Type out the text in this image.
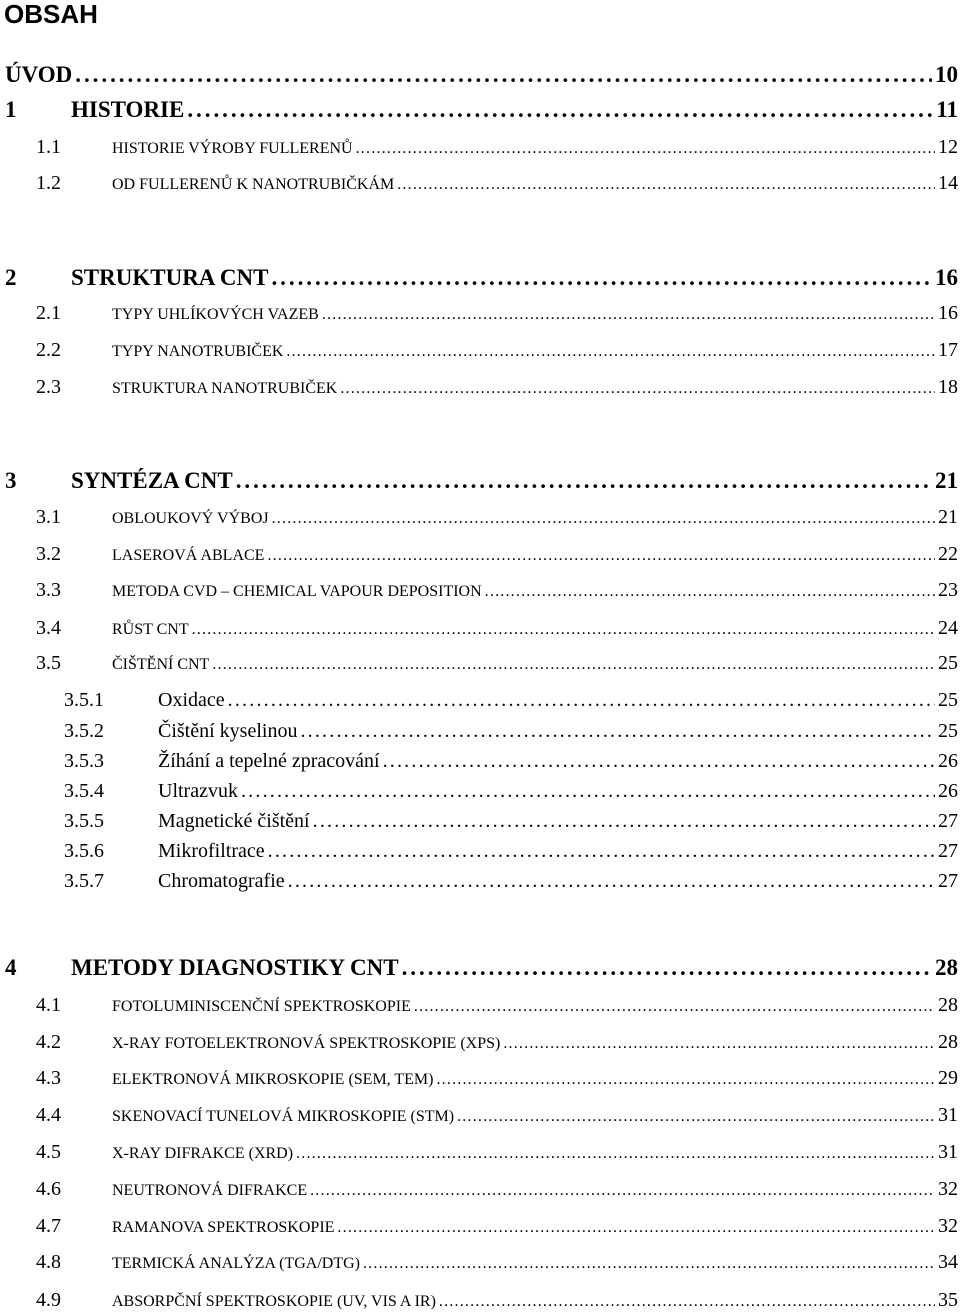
OBSAH
ÚVOD . . .	10
1	HISTORIE . . .	11
1.1	HISTORIE VÝROBY FULLERENŮ . . .	12
1.2	OD FULLERENŮ K NANOTRUBIČKÁM . . .	14
2	STRUKTURA CNT . . .	16
2.1	TYPY UHLÍKOVÝCH VAZEB . . .	16
2.2	TYPY NANOTRUBIČEK . . .	17
2.3	STRUKTURA NANOTRUBIČEK . . .	18
3	SYNTÉZA CNT . . .	21
3.1	OBLOUKOVÝ VÝBOJ . . .	21
3.2	LASEROVÁ ABLACE . . .	22
3.3	METODA CVD – CHEMICAL VAPOUR DEPOSITION . . .	23
3.4	RŮST CNT . . .	24
3.5	ČIŠTĚNÍ CNT . . .	25
3.5.1	Oxidace . . .	25
3.5.2	Čištění kyselinou . . .	25
3.5.3	Žíhání a tepelné zpracování . . .	26
3.5.4	Ultrazvuk . . .	26
3.5.5	Magnetické čištění . . .	27
3.5.6	Mikrofiltrace . . .	27
3.5.7	Chromatografie . . .	27
4	METODY DIAGNOSTIKY CNT . . .	28
4.1	FOTOLUMINISCENČNÍ SPEKTROSKOPIE . . .	28
4.2	X-RAY FOTOELEKTRONOVÁ SPEKTROSKOPIE (XPS) . . .	28
4.3	ELEKTRONOVÁ MIKROSKOPIE (SEM, TEM) . . .	29
4.4	SKENOVACÍ TUNELOVÁ MIKROSKOPIE (STM) . . .	31
4.5	X-RAY DIFRAKCE (XRD) . . .	31
4.6	NEUTRONOVÁ DIFRAKCE . . .	32
4.7	RAMANOVA SPEKTROSKOPIE . . .	32
4.8	TERMICKÁ ANALÝZA (TGA/DTG) . . .	34
4.9	ABSORPČNÍ SPEKTROSKOPIE (UV, VIS A IR) . . .	35
